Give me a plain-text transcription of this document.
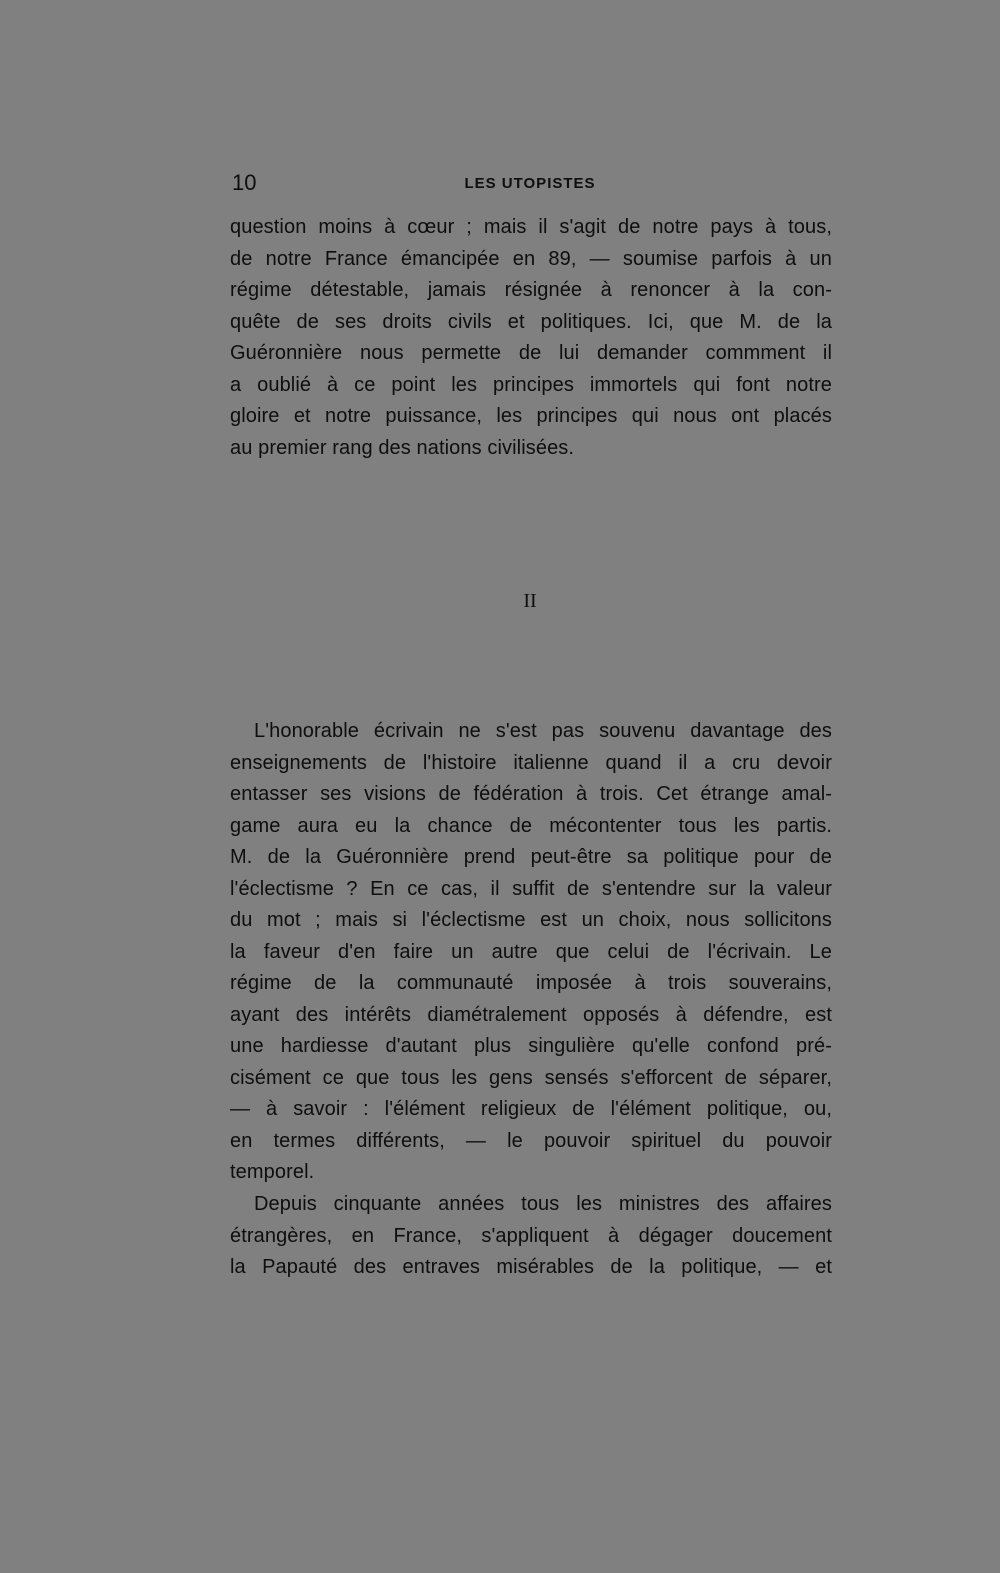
10	LES UTOPISTES
question moins à cœur ; mais il s'agit de notre pays à tous,
de notre France émancipée en 89, — soumise parfois à un
régime détestable, jamais résignée à renoncer à la con-
quête de ses droits civils et politiques. Ici, que M. de la
Guéronnière nous permette de lui demander commment il
a oublié à ce point les principes immortels qui font notre
gloire et notre puissance, les principes qui nous ont placés
au premier rang des nations civilisées.
II
L'honorable écrivain ne s'est pas souvenu davantage des
enseignements de l'histoire italienne quand il a cru devoir
entasser ses visions de fédération à trois. Cet étrange amal-
game aura eu la chance de mécontenter tous les partis.
M. de la Guéronnière prend peut-être sa politique pour de
l'éclectisme ? En ce cas, il suffit de s'entendre sur la valeur
du mot ; mais si l'éclectisme est un choix, nous sollicitons
la faveur d'en faire un autre que celui de l'écrivain. Le
régime de la communauté imposée à trois souverains,
ayant des intérêts diamétralement opposés à défendre, est
une hardiesse d'autant plus singulière qu'elle confond pré-
cisément ce que tous les gens sensés s'efforcent de séparer,
— à savoir : l'élément religieux de l'élément politique, ou,
en termes différents, — le pouvoir spirituel du pouvoir
temporel.
Depuis cinquante années tous les ministres des affaires
étrangères, en France, s'appliquent à dégager doucement
la Papauté des entraves misérables de la politique, — et
